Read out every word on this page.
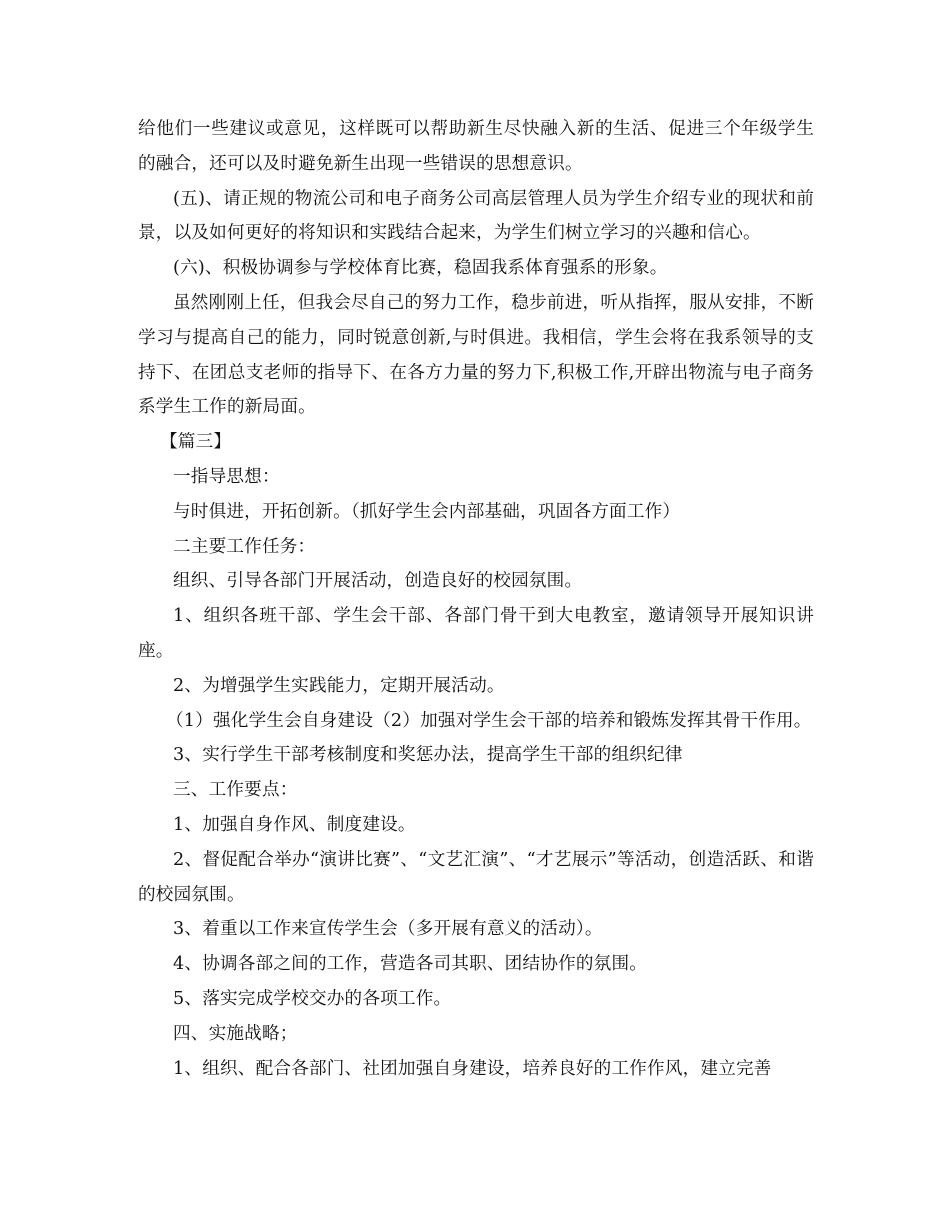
给他们一些建议或意见，这样既可以帮助新生尽快融入新的生活、促进三个年级学生的融合，还可以及时避免新生出现一些错误的思想意识。

(五)、请正规的物流公司和电子商务公司高层管理人员为学生介绍专业的现状和前景，以及如何更好的将知识和实践结合起来，为学生们树立学习的兴趣和信心。

(六)、积极协调参与学校体育比赛，稳固我系体育强系的形象。

虽然刚刚上任，但我会尽自己的努力工作，稳步前进，听从指挥，服从安排，不断学习与提高自己的能力，同时锐意创新,与时俱进。我相信，学生会将在我系领导的支持下、在团总支老师的指导下、在各方力量的努力下,积极工作,开辟出物流与电子商务系学生工作的新局面。

【篇三】

一指导思想：

与时俱进，开拓创新。（抓好学生会内部基础，巩固各方面工作）

二主要工作任务：

组织、引导各部门开展活动，创造良好的校园氛围。

1、组织各班干部、学生会干部、各部门骨干到大电教室，邀请领导开展知识讲座。

2、为增强学生实践能力，定期开展活动。

（1）强化学生会自身建设（2）加强对学生会干部的培养和锻炼发挥其骨干作用。

3、实行学生干部考核制度和奖惩办法，提高学生干部的组织纪律

三、工作要点：

1、加强自身作风、制度建设。

2、督促配合举办“演讲比赛”、“文艺汇演”、“才艺展示”等活动，创造活跃、和谐的校园氛围。

3、着重以工作来宣传学生会（多开展有意义的活动）。

4、协调各部之间的工作，营造各司其职、团结协作的氛围。

5、落实完成学校交办的各项工作。

四、实施战略；

1、组织、配合各部门、社团加强自身建设，培养良好的工作作风，建立完善
